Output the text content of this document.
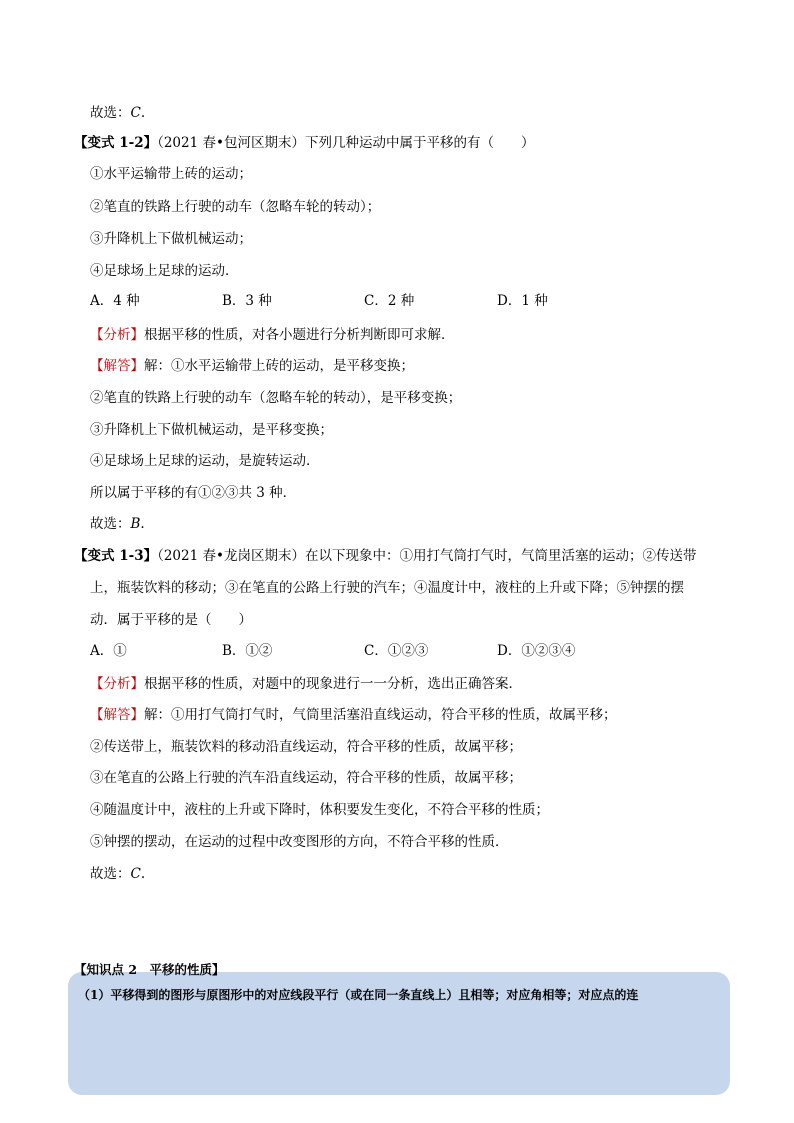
故选：C.
【变式 1-2】（2021 春•包河区期末）下列几种运动中属于平移的有（　　）
①水平运输带上砖的运动；
②笔直的铁路上行驶的动车（忽略车轮的转动）；
③升降机上下做机械运动；
④足球场上足球的运动．
A．4 种	B．3 种	C．2 种	D．1 种
【分析】根据平移的性质，对各小题进行分析判断即可求解．
【解答】解：①水平运输带上砖的运动，是平移变换；
②笔直的铁路上行驶的动车（忽略车轮的转动），是平移变换；
③升降机上下做机械运动，是平移变换；
④足球场上足球的运动，是旋转运动．
所以属于平移的有①②③共 3 种．
故选：B.
【变式 1-3】（2021 春•龙岗区期末）在以下现象中：①用打气筒打气时，气筒里活塞的运动；②传送带
上，瓶装饮料的移动；③在笔直的公路上行驶的汽车；④温度计中，液柱的上升或下降；⑤钟摆的摆
动．属于平移的是（　　）
A．①	B．①②	C．①②③	D．①②③④
【分析】根据平移的性质，对题中的现象进行一一分析，选出正确答案．
【解答】解：①用打气筒打气时，气筒里活塞沿直线运动，符合平移的性质，故属平移；
②传送带上，瓶装饮料的移动沿直线运动，符合平移的性质，故属平移；
③在笔直的公路上行驶的汽车沿直线运动，符合平移的性质，故属平移；
④随温度计中，液柱的上升或下降时，体积要发生变化，不符合平移的性质；
⑤钟摆的摆动，在运动的过程中改变图形的方向，不符合平移的性质．
故选：C.
（1）平移得到的图形与原图形中的对应线段平行（或在同一条直线上）且相等；对应角相等；对应点的连
【知识点 2　平移的性质】
